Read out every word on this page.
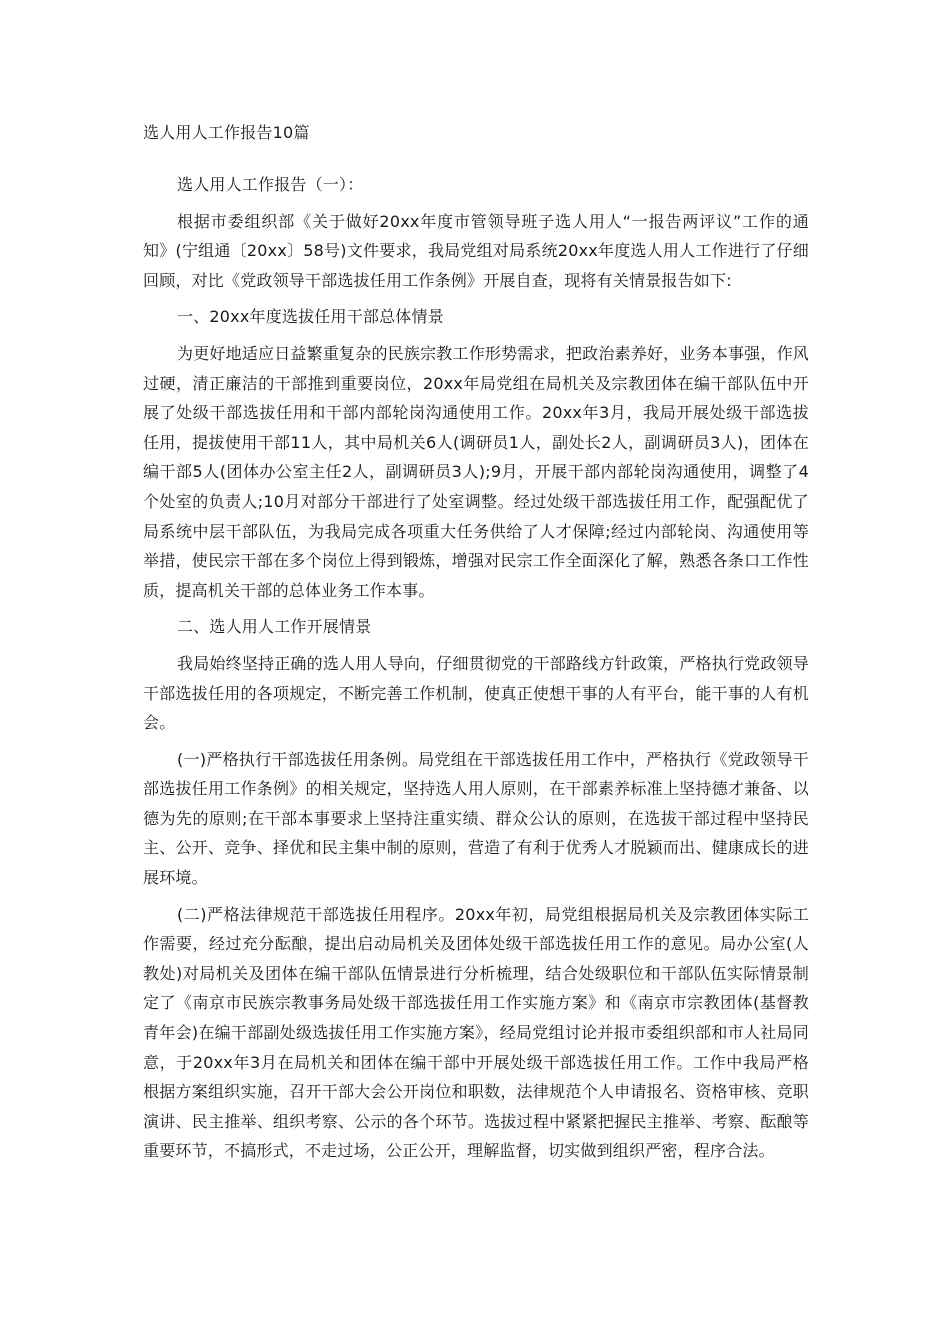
选人用人工作报告10篇

选人用人工作报告（一）：

根据市委组织部《关于做好20xx年度市管领导班子选人用人“一报告两评议”工作的通知》(宁组通〔20xx〕58号)文件要求，我局党组对局系统20xx年度选人用人工作进行了仔细回顾，对比《党政领导干部选拔任用工作条例》开展自查，现将有关情景报告如下:

一、20xx年度选拔任用干部总体情景

为更好地适应日益繁重复杂的民族宗教工作形势需求，把政治素养好，业务本事强，作风过硬，清正廉洁的干部推到重要岗位，20xx年局党组在局机关及宗教团体在编干部队伍中开展了处级干部选拔任用和干部内部轮岗沟通使用工作。20xx年3月，我局开展处级干部选拔任用，提拔使用干部11人，其中局机关6人(调研员1人，副处长2人，副调研员3人)，团体在编干部5人(团体办公室主任2人，副调研员3人);9月，开展干部内部轮岗沟通使用，调整了4个处室的负责人;10月对部分干部进行了处室调整。经过处级干部选拔任用工作，配强配优了局系统中层干部队伍，为我局完成各项重大任务供给了人才保障;经过内部轮岗、沟通使用等举措，使民宗干部在多个岗位上得到锻炼，增强对民宗工作全面深化了解，熟悉各条口工作性质，提高机关干部的总体业务工作本事。

二、选人用人工作开展情景

我局始终坚持正确的选人用人导向，仔细贯彻党的干部路线方针政策，严格执行党政领导干部选拔任用的各项规定，不断完善工作机制，使真正使想干事的人有平台，能干事的人有机会。

(一)严格执行干部选拔任用条例。局党组在干部选拔任用工作中，严格执行《党政领导干部选拔任用工作条例》的相关规定，坚持选人用人原则，在干部素养标准上坚持德才兼备、以德为先的原则;在干部本事要求上坚持注重实绩、群众公认的原则，在选拔干部过程中坚持民主、公开、竞争、择优和民主集中制的原则，营造了有利于优秀人才脱颖而出、健康成长的进展环境。

(二)严格法律规范干部选拔任用程序。20xx年初，局党组根据局机关及宗教团体实际工作需要，经过充分酝酿，提出启动局机关及团体处级干部选拔任用工作的意见。局办公室(人教处)对局机关及团体在编干部队伍情景进行分析梳理，结合处级职位和干部队伍实际情景制定了《南京市民族宗教事务局处级干部选拔任用工作实施方案》和《南京市宗教团体(基督教青年会)在编干部副处级选拔任用工作实施方案》，经局党组讨论并报市委组织部和市人社局同意，于20xx年3月在局机关和团体在编干部中开展处级干部选拔任用工作。工作中我局严格根据方案组织实施，召开干部大会公开岗位和职数，法律规范个人申请报名、资格审核、竞职演讲、民主推举、组织考察、公示的各个环节。选拔过程中紧紧把握民主推举、考察、酝酿等重要环节，不搞形式，不走过场，公正公开，理解监督，切实做到组织严密，程序合法。
